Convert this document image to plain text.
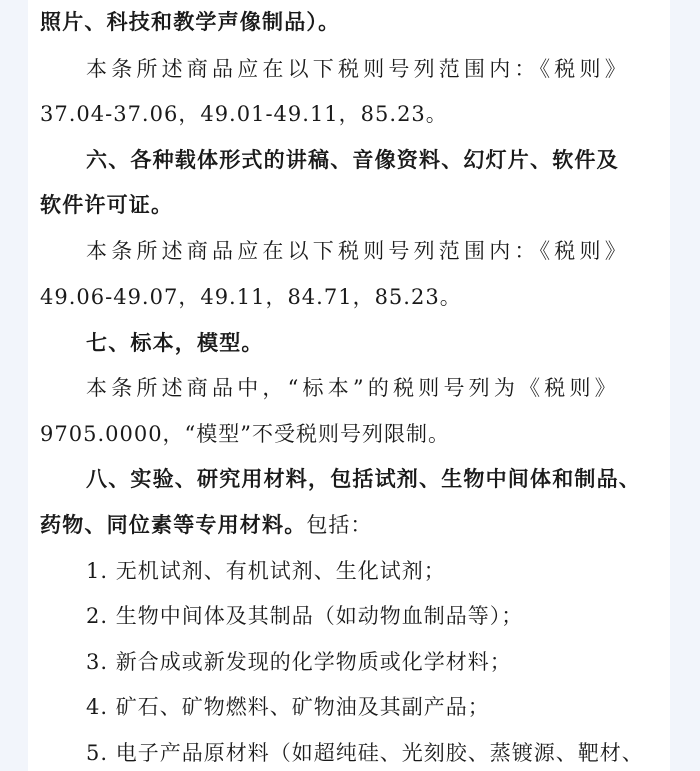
照片、科技和教学声像制品）。
本条所述商品应在以下税则号列范围内：《税则》
37.04-37.06，49.01-49.11，85.23。
六、各种载体形式的讲稿、音像资料、幻灯片、软件及
软件许可证。
本条所述商品应在以下税则号列范围内：《税则》
49.06-49.07，49.11，84.71，85.23。
七、标本，模型。
本条所述商品中，“标本”的税则号列为《税则》
9705.0000，“模型”不受税则号列限制。
八、实验、研究用材料，包括试剂、生物中间体和制品、
药物、同位素等专用材料。包括：
1. 无机试剂、有机试剂、生化试剂；
2. 生物中间体及其制品（如动物血制品等）；
3. 新合成或新发现的化学物质或化学材料；
4. 矿石、矿物燃料、矿物油及其副产品；
5. 电子产品原材料（如超纯硅、光刻胶、蒸镀源、靶材、
